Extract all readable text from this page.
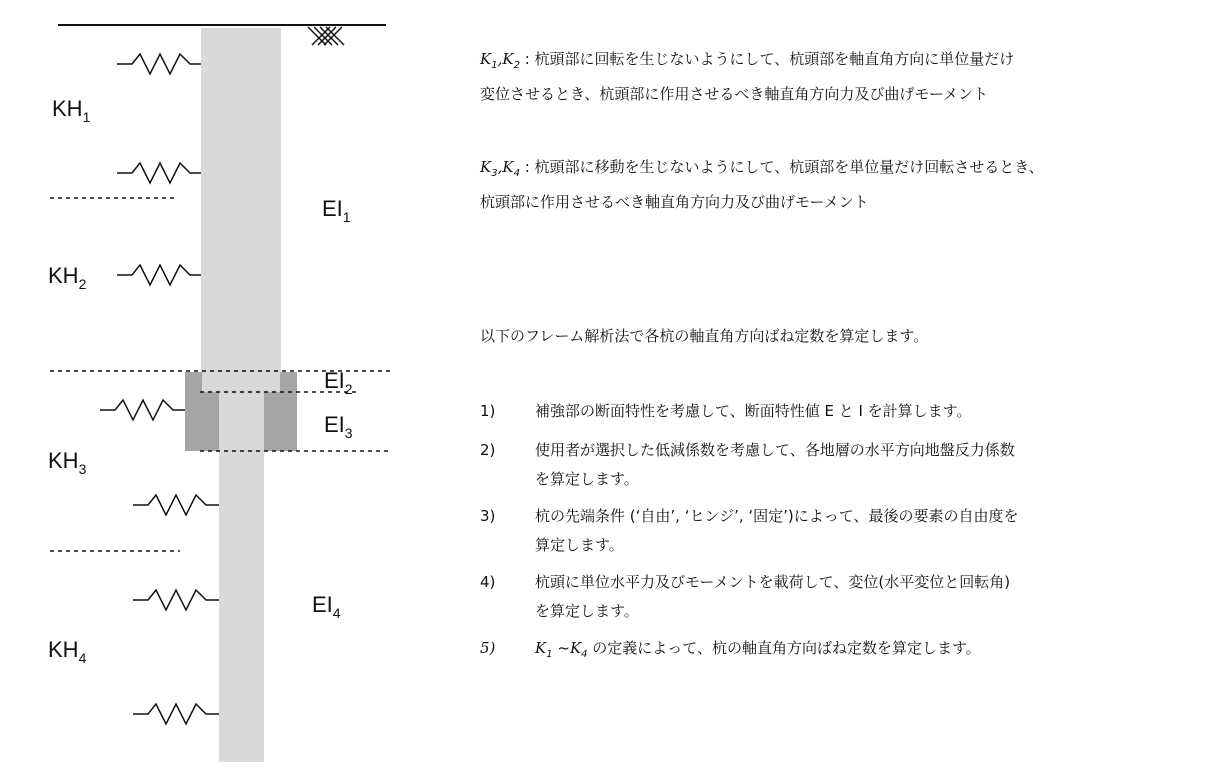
$KH_1$
$KH_2$
$KH_3$
$KH_4$
$EI_1$
$EI_2$
$EI_3$
$EI_4$
$K_1,K_2$ : 杭頭部に回転を生じないようにして、杭頭部を軸直角方向に単位量だけ
変位させるとき、杭頭部に作用させるべき軸直角方向力及び曲げモーメント
$K_3,K_4$ : 杭頭部に移動を生じないようにして、杭頭部を単位量だけ回転させるとき、
杭頭部に作用させるべき軸直角方向力及び曲げモーメント
以下のフレーム解析法で各杭の軸直角方向ばね定数を算定します。
1)	補強部の断面特性を考慮して、断面特性値 E と I を計算します。
2)	使用者が選択した低減係数を考慮して、各地層の水平方向地盤反力係数
を算定します。
3)	杭の先端条件 (‘自由’, ‘ヒンジ’, ‘固定’)によって、最後の要素の自由度を
算定します。
4)	杭頭に単位水平力及びモーメントを載荷して、変位(水平変位と回転角)
を算定します。
5)	$K_1$ $\sim K_4$ の定義によって、杭の軸直角方向ばね定数を算定します。
